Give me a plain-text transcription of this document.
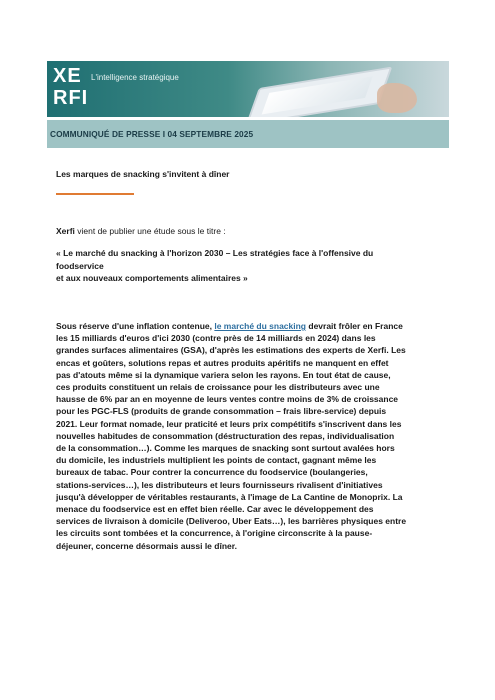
XE
RFI
L'intelligence stratégique
COMMUNIQUÉ DE PRESSE I 04 SEPTEMBRE 2025
Les marques de snacking s'invitent à dîner
Xerfi vient de publier une étude sous le titre :
« Le marché du snacking à l'horizon 2030 – Les stratégies face à l'offensive du
foodservice
et aux nouveaux comportements alimentaires »
Sous réserve d'une inflation contenue, le marché du snacking devrait frôler en France
les 15 milliards d'euros d'ici 2030 (contre près de 14 milliards en 2024) dans les
grandes surfaces alimentaires (GSA), d'après les estimations des experts de Xerfi. Les
encas et goûters, solutions repas et autres produits apéritifs ne manquent en effet
pas d'atouts même si la dynamique variera selon les rayons. En tout état de cause,
ces produits constituent un relais de croissance pour les distributeurs avec une
hausse de 6% par an en moyenne de leurs ventes contre moins de 3% de croissance
pour les PGC-FLS (produits de grande consommation – frais libre-service) depuis
2021. Leur format nomade, leur praticité et leurs prix compétitifs s'inscrivent dans les
nouvelles habitudes de consommation (déstructuration des repas, individualisation
de la consommation…). Comme les marques de snacking sont surtout avalées hors
du domicile, les industriels multiplient les points de contact, gagnant même les
bureaux de tabac. Pour contrer la concurrence du foodservice (boulangeries,
stations-services…), les distributeurs et leurs fournisseurs rivalisent d'initiatives
jusqu'à développer de véritables restaurants, à l'image de La Cantine de Monoprix. La
menace du foodservice est en effet bien réelle. Car avec le développement des
services de livraison à domicile (Deliveroo, Uber Eats…), les barrières physiques entre
les circuits sont tombées et la concurrence, à l'origine circonscrite à la pause-
déjeuner, concerne désormais aussi le dîner.
